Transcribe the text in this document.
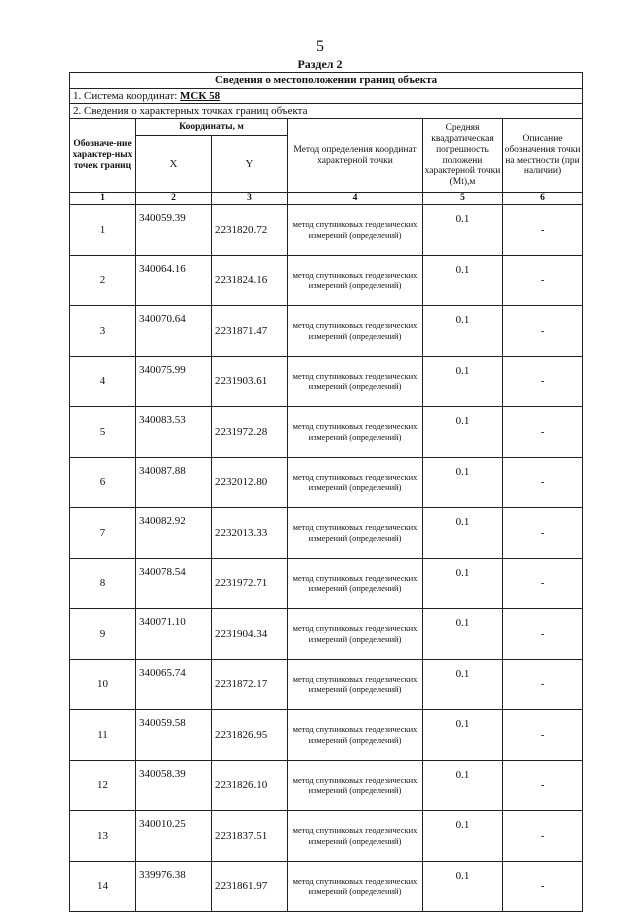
5
Раздел 2
Сведения о местоположении границ объекта					
1. Система координат: МСК 58					
2. Сведения о характерных точках границ объекта					
Обозначе-ние характер-ных точек границ	Координаты, м		Метод определения координат характерной точки	Средняя квадратическая погрешность положени характерной точки (Mt),м	Описание обозначения точки на местности (при наличии)
	X	Y			
1	2	3	4	5	6
1	340059.39	2231820.72	метод спутниковых геодезических измерений (определений)	0.1	-
2	340064.16	2231824.16	метод спутниковых геодезических измерений (определений)	0.1	-
3	340070.64	2231871.47	метод спутниковых геодезических измерений (определений)	0.1	-
4	340075.99	2231903.61	метод спутниковых геодезических измерений (определений)	0.1	-
5	340083.53	2231972.28	метод спутниковых геодезических измерений (определений)	0.1	-
6	340087.88	2232012.80	метод спутниковых геодезических измерений (определений)	0.1	-
7	340082.92	2232013.33	метод спутниковых геодезических измерений (определений)	0.1	-
8	340078.54	2231972.71	метод спутниковых геодезических измерений (определений)	0.1	-
9	340071.10	2231904.34	метод спутниковых геодезических измерений (определений)	0.1	-
10	340065.74	2231872.17	метод спутниковых геодезических измерений (определений)	0.1	-
11	340059.58	2231826.95	метод спутниковых геодезических измерений (определений)	0.1	-
12	340058.39	2231826.10	метод спутниковых геодезических измерений (определений)	0.1	-
13	340010.25	2231837.51	метод спутниковых геодезических измерений (определений)	0.1	-
14	339976.38	2231861.97	метод спутниковых геодезических измерений (определений)	0.1	-
